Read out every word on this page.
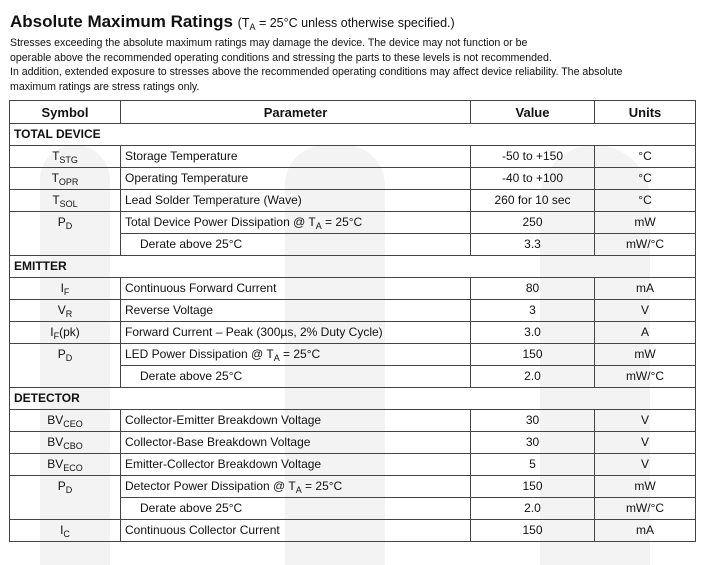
Absolute Maximum Ratings ($T_A = 25^\circ C$ unless otherwise specified.)
Stresses exceeding the absolute maximum ratings may damage the device. The device may not function or be
operable above the recommended operating conditions and stressing the parts to these levels is not recommended.
In addition, extended exposure to stresses above the recommended operating conditions may affect device reliability. The absolute
maximum ratings are stress ratings only.
Symbol	Parameter	Value	Units
TOTAL DEVICE			
$T_{STG}$	Storage Temperature	-50 to +150	°C
$T_{OPR}$	Operating Temperature	-40 to +100	°C
$T_{SOL}$	Lead Solder Temperature (Wave)	260 for 10 sec	°C
$P_D$	Total Device Power Dissipation @ $T_A = 25^\circ C$	250	mW
	Derate above 25°C	3.3	mW/°C
EMITTER			
$I_F$	Continuous Forward Current	80	mA
$V_R$	Reverse Voltage	3	V
$I_F(pk)$	Forward Current – Peak (300µs, 2% Duty Cycle)	3.0	A
$P_D$	LED Power Dissipation @ $T_A = 25^\circ C$	150	mW
	Derate above 25°C	2.0	mW/°C
DETECTOR			
$BV_{CEO}$	Collector-Emitter Breakdown Voltage	30	V
$BV_{CBO}$	Collector-Base Breakdown Voltage	30	V
$BV_{ECO}$	Emitter-Collector Breakdown Voltage	5	V
$P_D$	Detector Power Dissipation @ $T_A = 25^\circ C$	150	mW
	Derate above 25°C	2.0	mW/°C
$I_C$	Continuous Collector Current	150	mA
